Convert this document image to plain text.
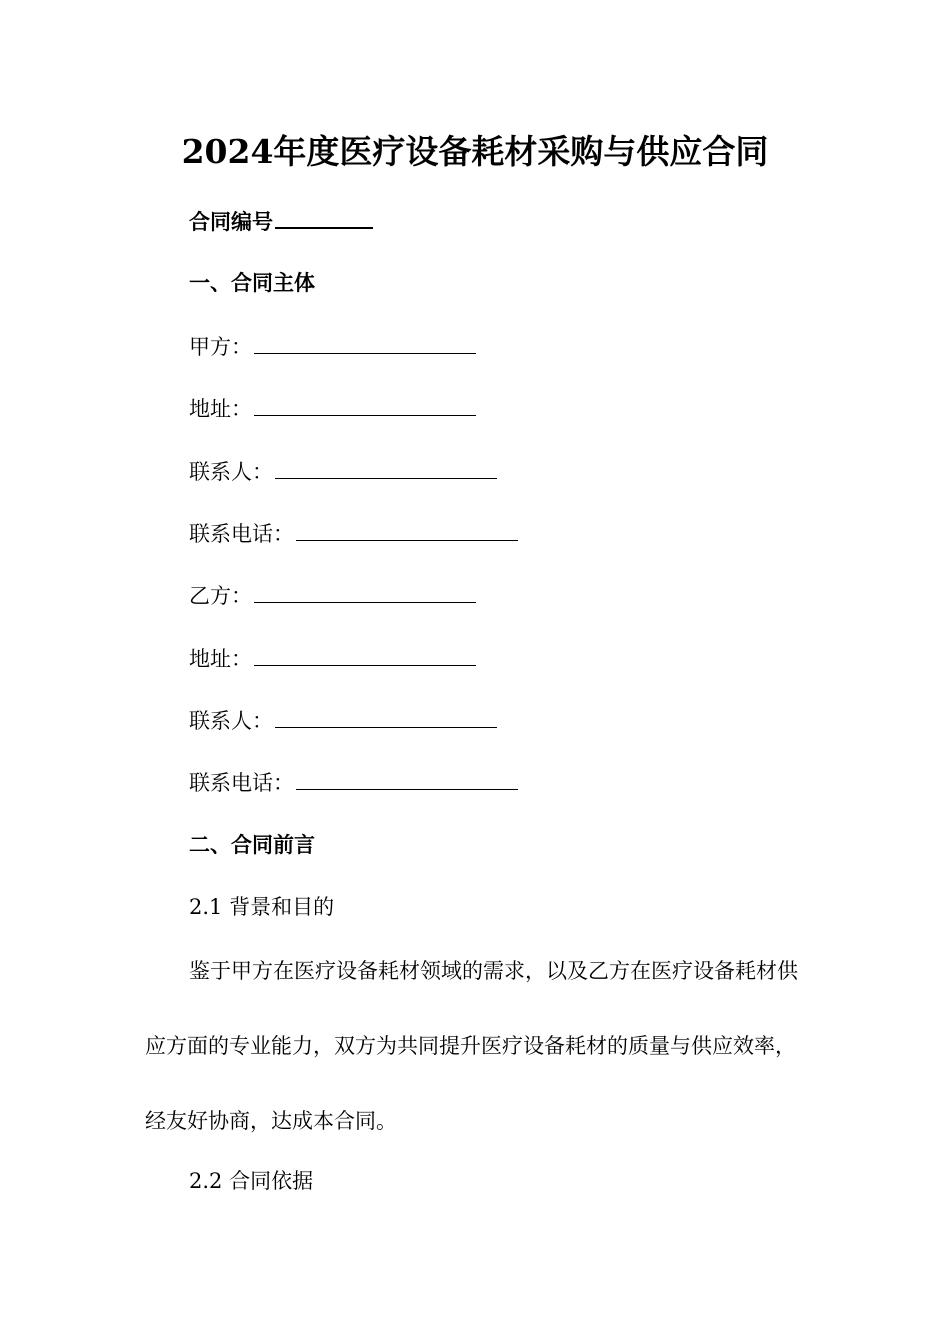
2024年度医疗设备耗材采购与供应合同
合同编号
一、合同主体
甲方：
地址：
联系人：
联系电话：
乙方：
地址：
联系人：
联系电话：
二、合同前言
2.1 背景和目的

鉴于甲方在医疗设备耗材领域的需求，以及乙方在医疗设备耗材供应方面的专业能力，双方为共同提升医疗设备耗材的质量与供应效率，经友好协商，达成本合同。

2.2 合同依据
